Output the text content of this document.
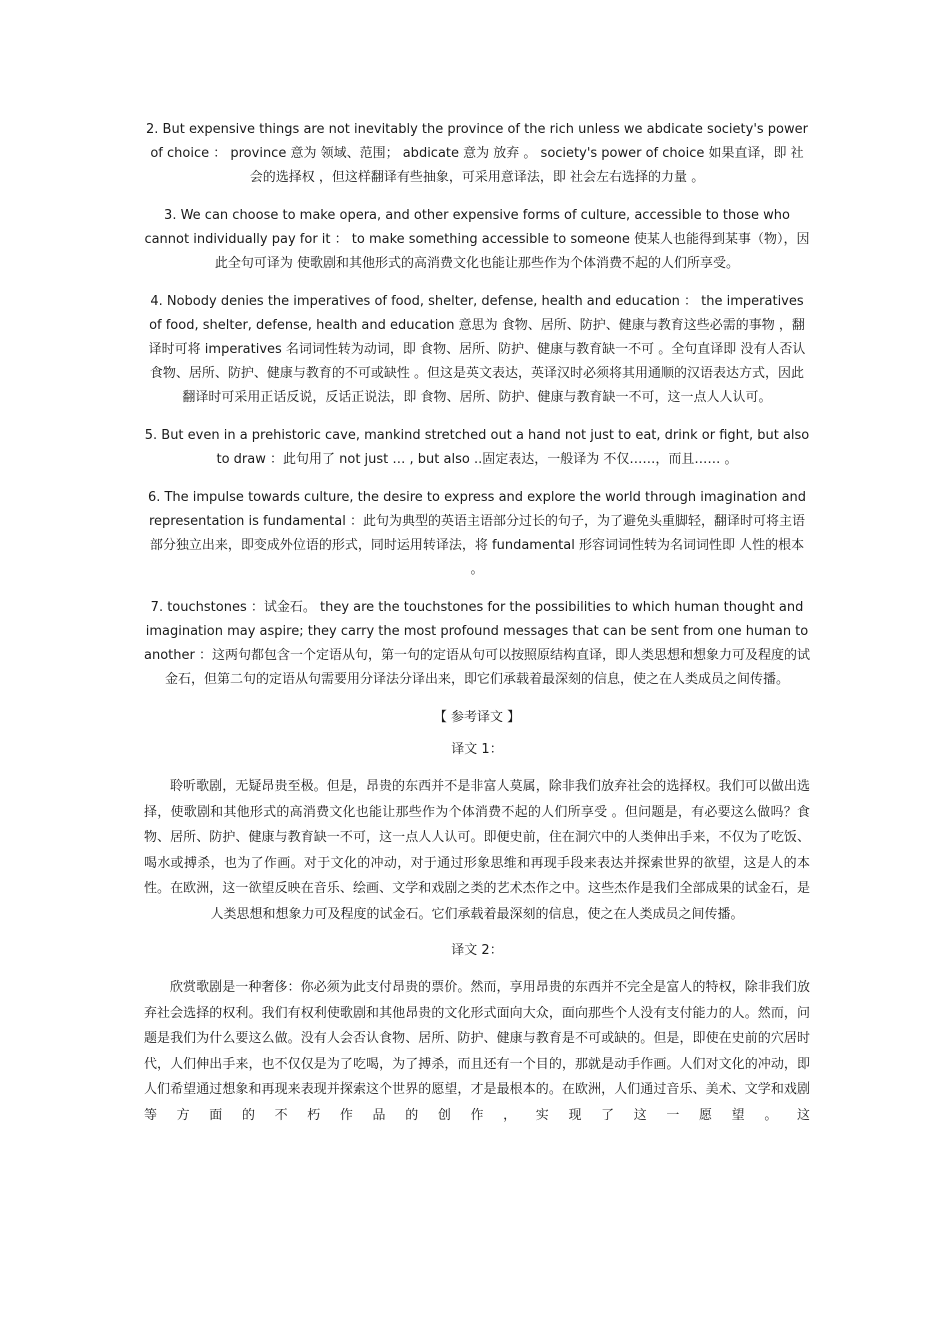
2. But expensive things are not inevitably the province of the rich unless we abdicate society's power of choice ： province 意为 领域、范围； abdicate 意为 放弃 。 society's power of choice 如果直译，即 社会的选择权 ，但这样翻译有些抽象，可采用意译法，即 社会左右选择的力量 。

3. We can choose to make opera, and other expensive forms of culture, accessible to those who cannot individually pay for it ： to make something accessible to someone 使某人也能得到某事（物），因此全句可译为 使歌剧和其他形式的高消费文化也能让那些作为个体消费不起的人们所享受。

4. Nobody denies the imperatives of food, shelter, defense, health and education ： the imperatives of food, shelter, defense, health and education 意思为 食物、居所、防护、健康与教育这些必需的事物 ，翻译时可将 imperatives 名词词性转为动词，即 食物、居所、防护、健康与教育缺一不可 。全句直译即 没有人否认 食物、居所、防护、健康与教育的不可或缺性 。但这是英文表达，英译汉时必须将其用通顺的汉语表达方式，因此翻译时可采用正话反说，反话正说法，即 食物、居所、防护、健康与教育缺一不可，这一点人人认可。

5. But even in a prehistoric cave, mankind stretched out a hand not just to eat, drink or fight, but also to draw ：此句用了 not just … , but also ..固定表达，一般译为 不仅……，而且…… 。

6. The impulse towards culture, the desire to express and explore the world through imagination and representation is fundamental ：此句为典型的英语主语部分过长的句子，为了避免头重脚轻，翻译时可将主语部分独立出来，即变成外位语的形式，同时运用转译法，将 fundamental 形容词词性转为名词词性即 人性的根本 。

7. touchstones ：试金石。 they are the touchstones for the possibilities to which human thought and imagination may aspire; they carry the most profound messages that can be sent from one human to another ：这两句都包含一个定语从句，第一句的定语从句可以按照原结构直译，即人类思想和想象力可及程度的试金石，但第二句的定语从句需要用分译法分译出来，即它们承载着最深刻的信息，使之在人类成员之间传播。

【 参考译文 】

译文 1：

聆听歌剧，无疑昂贵至极。但是，昂贵的东西并不是非富人莫属，除非我们放弃社会的选择权。我们可以做出选择，使歌剧和其他形式的高消费文化也能让那些作为个体消费不起的人们所享受 。但问题是，有必要这么做吗？食物、居所、防护、健康与教育缺一不可，这一点人人认可。即便史前，住在洞穴中的人类伸出手来，不仅为了吃饭、喝水或搏杀，也为了作画。对于文化的冲动，对于通过形象思维和再现手段来表达并探索世界的欲望，这是人的本性。在欧洲，这一欲望反映在音乐、绘画、文学和戏剧之类的艺术杰作之中。这些杰作是我们全部成果的试金石，是人类思想和想象力可及程度的试金石。它们承载着最深刻的信息，使之在人类成员之间传播。

译文 2：

欣赏歌剧是一种奢侈：你必须为此支付昂贵的票价。然而，享用昂贵的东西并不完全是富人的特权，除非我们放弃社会选择的权利。我们有权利使歌剧和其他昂贵的文化形式面向大众，面向那些个人没有支付能力的人。然而，问题是我们为什么要这么做。没有人会否认食物、居所、防护、健康与教育是不可或缺的。但是，即使在史前的穴居时代，人们伸出手来，也不仅仅是为了吃喝，为了搏杀，而且还有一个目的，那就是动手作画。人们对文化的冲动，即人们希望通过想象和再现来表现并探索这个世界的愿望，才是最根本的。在欧洲，人们通过音乐、美术、文学和戏剧等方面的不朽作品的创作，实现了这一愿望。这
